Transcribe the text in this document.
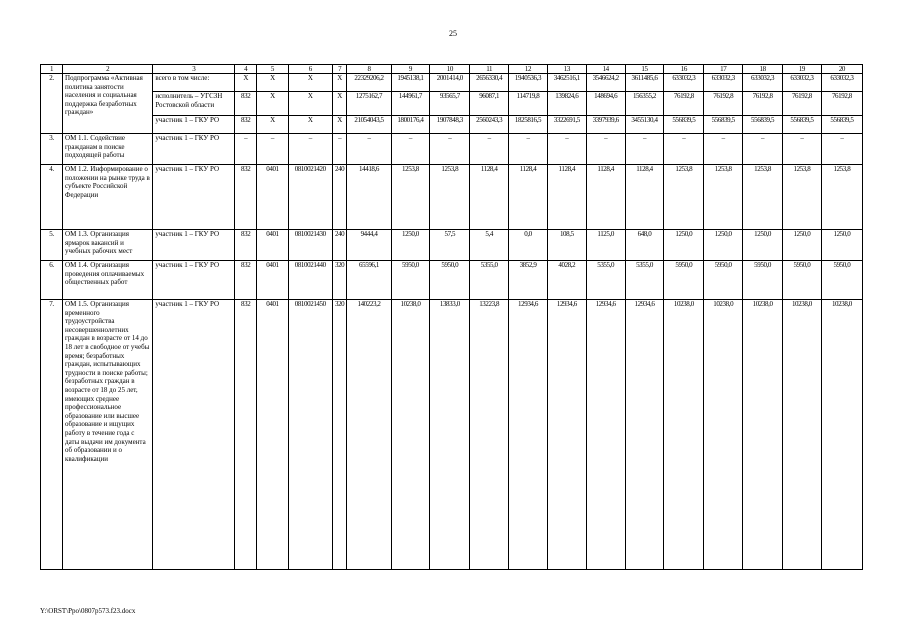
25
1	2	3	4	5	6	7	8	9	10	11	12	13	14	15	16	17	18	19	20
2.	Подпрограмма «Активная политика занятости населения и социальная поддержка безработных граждан»	всего в том числе:	X	X	X	X	22329206,2	1945138,1	2001414,0	2656330,4	1940536,3	3462516,1	3546624,2	3611485,6	633032,3	633032,3	633032,3	633032,3	633032,3
		исполнитель – УГСЗН Ростовской области	832	X	X	X	1275162,7	144961,7	93565,7	96087,1	114719,8	139824,6	148694,6	156355,2	76192,8	76192,8	76192,8	76192,8	76192,8
		участник 1 – ГКУ РО	832	X	X	X	21054043,5	1800176,4	1907848,3	2560243,3	1825816,5	3322691,5	3397939,6	3455130,4	556839,5	556839,5	556839,5	556839,5	556839,5
3.	ОМ 1.1. Содействие гражданам в поиске подходящей работы	участник 1 – ГКУ РО	–	–	–	–	–	–	–	–	–	–	–	–	–	–	–	–	–
4.	ОМ 1.2. Информирование о положении на рынке труда в субъекте Российской Федерации	участник 1 – ГКУ РО	832	0401	0810021420	240	14418,6	1253,8	1253,8	1128,4	1128,4	1128,4	1128,4	1128,4	1253,8	1253,8	1253,8	1253,8	1253,8
5.	ОМ 1.3. Организация ярмарок вакансий и учебных рабочих мест	участник 1 – ГКУ РО	832	0401	0810021430	240	9444,4	1250,0	57,5	5,4	0,0	108,5	1125,0	648,0	1250,0	1250,0	1250,0	1250,0	1250,0
6.	ОМ 1.4. Организация проведения оплачиваемых общественных работ	участник 1 – ГКУ РО	832	0401	0810021440	320	65596,1	5950,0	5950,0	5355,0	3852,9	4028,2	5355,0	5355,0	5950,0	5950,0	5950,0	5950,0	5950,0
7.	ОМ 1.5. Организация временного трудоустройства несовершеннолетних граждан в возрасте от 14 до 18 лет в свободное от учебы время; безработных граждан, испытывающих трудности в поиске работы; безработных граждан в возрасте от 18 до 25 лет, имеющих среднее профессиональное образование или высшее образование и ищущих работу в течение года с даты выдачи им документа об образовании и о квалификации	участник 1 – ГКУ РО	832	0401	0810021450	320	140223,2	10238,0	13833,0	13223,8	12934,6	12934,6	12934,6	12934,6	10238,0	10238,0	10238,0	10238,0	10238,0
Y:\ORST\Ppo\0807p573.f23.docx
